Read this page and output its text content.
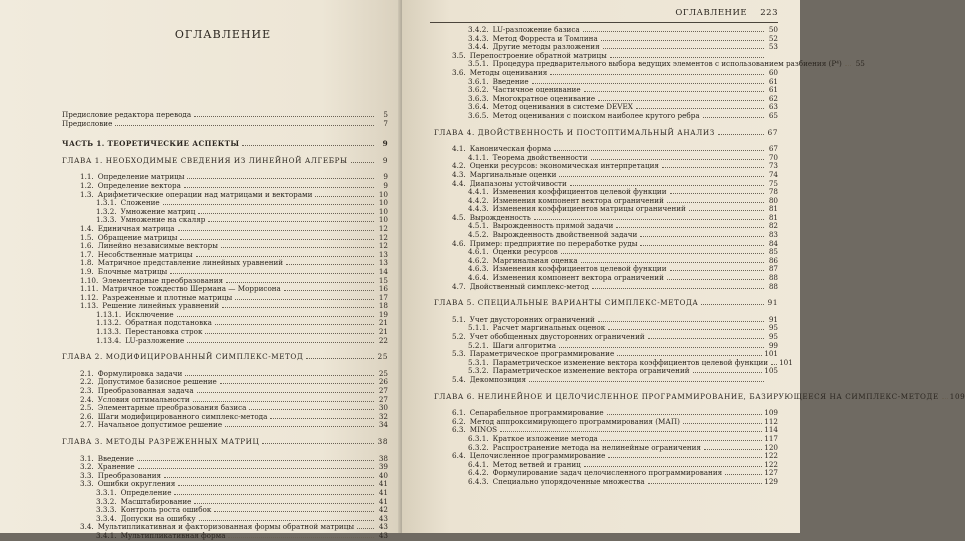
ОГЛАВЛЕНИЕ
Предисловие редактора перевода	5
Предисловие	7
ЧАСТЬ 1. ТЕОРЕТИЧЕСКИЕ АСПЕКТЫ	9
ГЛАВА 1. НЕОБХОДИМЫЕ СВЕДЕНИЯ ИЗ ЛИНЕЙНОЙ АЛГЕБРЫ	9
1.1. Определение матрицы	9
1.2. Определение вектора	9
1.3. Арифметические операции над матрицами и векторами	10
1.3.1. Сложение	10
1.3.2. Умножение матриц	10
1.3.3. Умножение на скаляр	10
1.4. Единичная матрица	12
1.5. Обращение матрицы	12
1.6. Линейно независимые векторы	12
1.7. Несобственные матрицы	13
1.8. Матричное представление линейных уравнений	13
1.9. Блочные матрицы	14
1.10. Элементарные преобразования	15
1.11. Матричное тождество Шермана — Моррисона	16
1.12. Разреженные и плотные матрицы	17
1.13. Решение линейных уравнений	18
1.13.1. Исключение	19
1.13.2. Обратная подстановка	21
1.13.3. Перестановка строк	21
1.13.4. LU-разложение	22
ГЛАВА 2. МОДИФИЦИРОВАННЫЙ СИМПЛЕКС-МЕТОД	25
2.1. Формулировка задачи	25
2.2. Допустимое базисное решение	26
2.3. Преобразованная задача	27
2.4. Условия оптимальности	27
2.5. Элементарные преобразования базиса	30
2.6. Шаги модифицированного симплекс-метода	32
2.7. Начальное допустимое решение	34
ГЛАВА 3. МЕТОДЫ РАЗРЕЖЕННЫХ МАТРИЦ	38
3.1. Введение	38
3.2. Хранение	39
3.3. Преобразования	40
3.3. Ошибки округления	41
3.3.1. Определение	41
3.3.2. Масштабирование	41
3.3.3. Контроль роста ошибок	42
3.3.4. Допуски на ошибку	43
3.4. Мультипликативная и факторизованная формы обратной матрицы	43
3.4.1. Мультипликативная форма	43
ОГЛАВЛЕНИЕ 223
3.4.2. LU-разложение базиса	50
3.4.3. Метод Форреста и Томлина	52
3.4.4. Другие методы разложения	53
3.5. Перепостроение обратной матрицы
3.5.1. Процедура предварительного выбора ведущих элементов с использованием разбиения (P⁴)	55
3.6. Методы оценивания	60
3.6.1. Введение	61
3.6.2. Частичное оценивание	61
3.6.3. Многократное оценивание	62
3.6.4. Метод оценивания в системе DEVEX	63
3.6.5. Метод оценивания с поиском наиболее крутого ребра	65
ГЛАВА 4. ДВОЙСТВЕННОСТЬ И ПОСТОПТИМАЛЬНЫЙ АНАЛИЗ	67
4.1. Каноническая форма	67
4.1.1. Теорема двойственности	70
4.2. Оценки ресурсов: экономическая интерпретация	73
4.3. Маргинальные оценки	74
4.4. Диапазоны устойчивости	75
4.4.1. Изменения коэффициентов целевой функции	78
4.4.2. Изменения компонент вектора ограничений	80
4.4.3. Изменения коэффициентов матрицы ограничений	81
4.5. Вырожденность	81
4.5.1. Вырожденность прямой задачи	82
4.5.2. Вырожденность двойственной задачи	83
4.6. Пример: предприятие по переработке руды	84
4.6.1. Оценки ресурсов	85
4.6.2. Маргинальная оценка	86
4.6.3. Изменения коэффициентов целевой функции	87
4.6.4. Изменения компонент вектора ограничений	88
4.7. Двойственный симплекс-метод	88
ГЛАВА 5. СПЕЦИАЛЬНЫЕ ВАРИАНТЫ СИМПЛЕКС-МЕТОДА	91
5.1. Учет двусторонних ограничений	91
5.1.1. Расчет маргинальных оценок	95
5.2. Учет обобщенных двусторонних ограничений	95
5.2.1. Шаги алгоритма	99
5.3. Параметрическое программирование	101
5.3.1. Параметрическое изменение вектора коэффициентов целевой функции 101
5.3.2. Параметрическое изменение вектора ограничений	105
5.4. Декомпозиция
ГЛАВА 6. НЕЛИНЕЙНОЕ И ЦЕЛОЧИСЛЕННОЕ ПРОГРАММИРОВАНИЕ, БАЗИРУЮЩЕЕСЯ НА СИМПЛЕКС-МЕТОДЕ 109
6.1. Сепарабельное программирование	109
6.2. Метод аппроксимирующего программирования (МАП)	112
6.3. MINOS	114
6.3.1. Краткое изложение метода	117
6.3.2. Распространение метода на нелинейные ограничения	120
6.4. Целочисленное программирование	122
6.4.1. Метод ветвей и границ	122
6.4.2. Формулирование задач целочисленного программирования	127
6.4.3. Специально упорядоченные множества	129
